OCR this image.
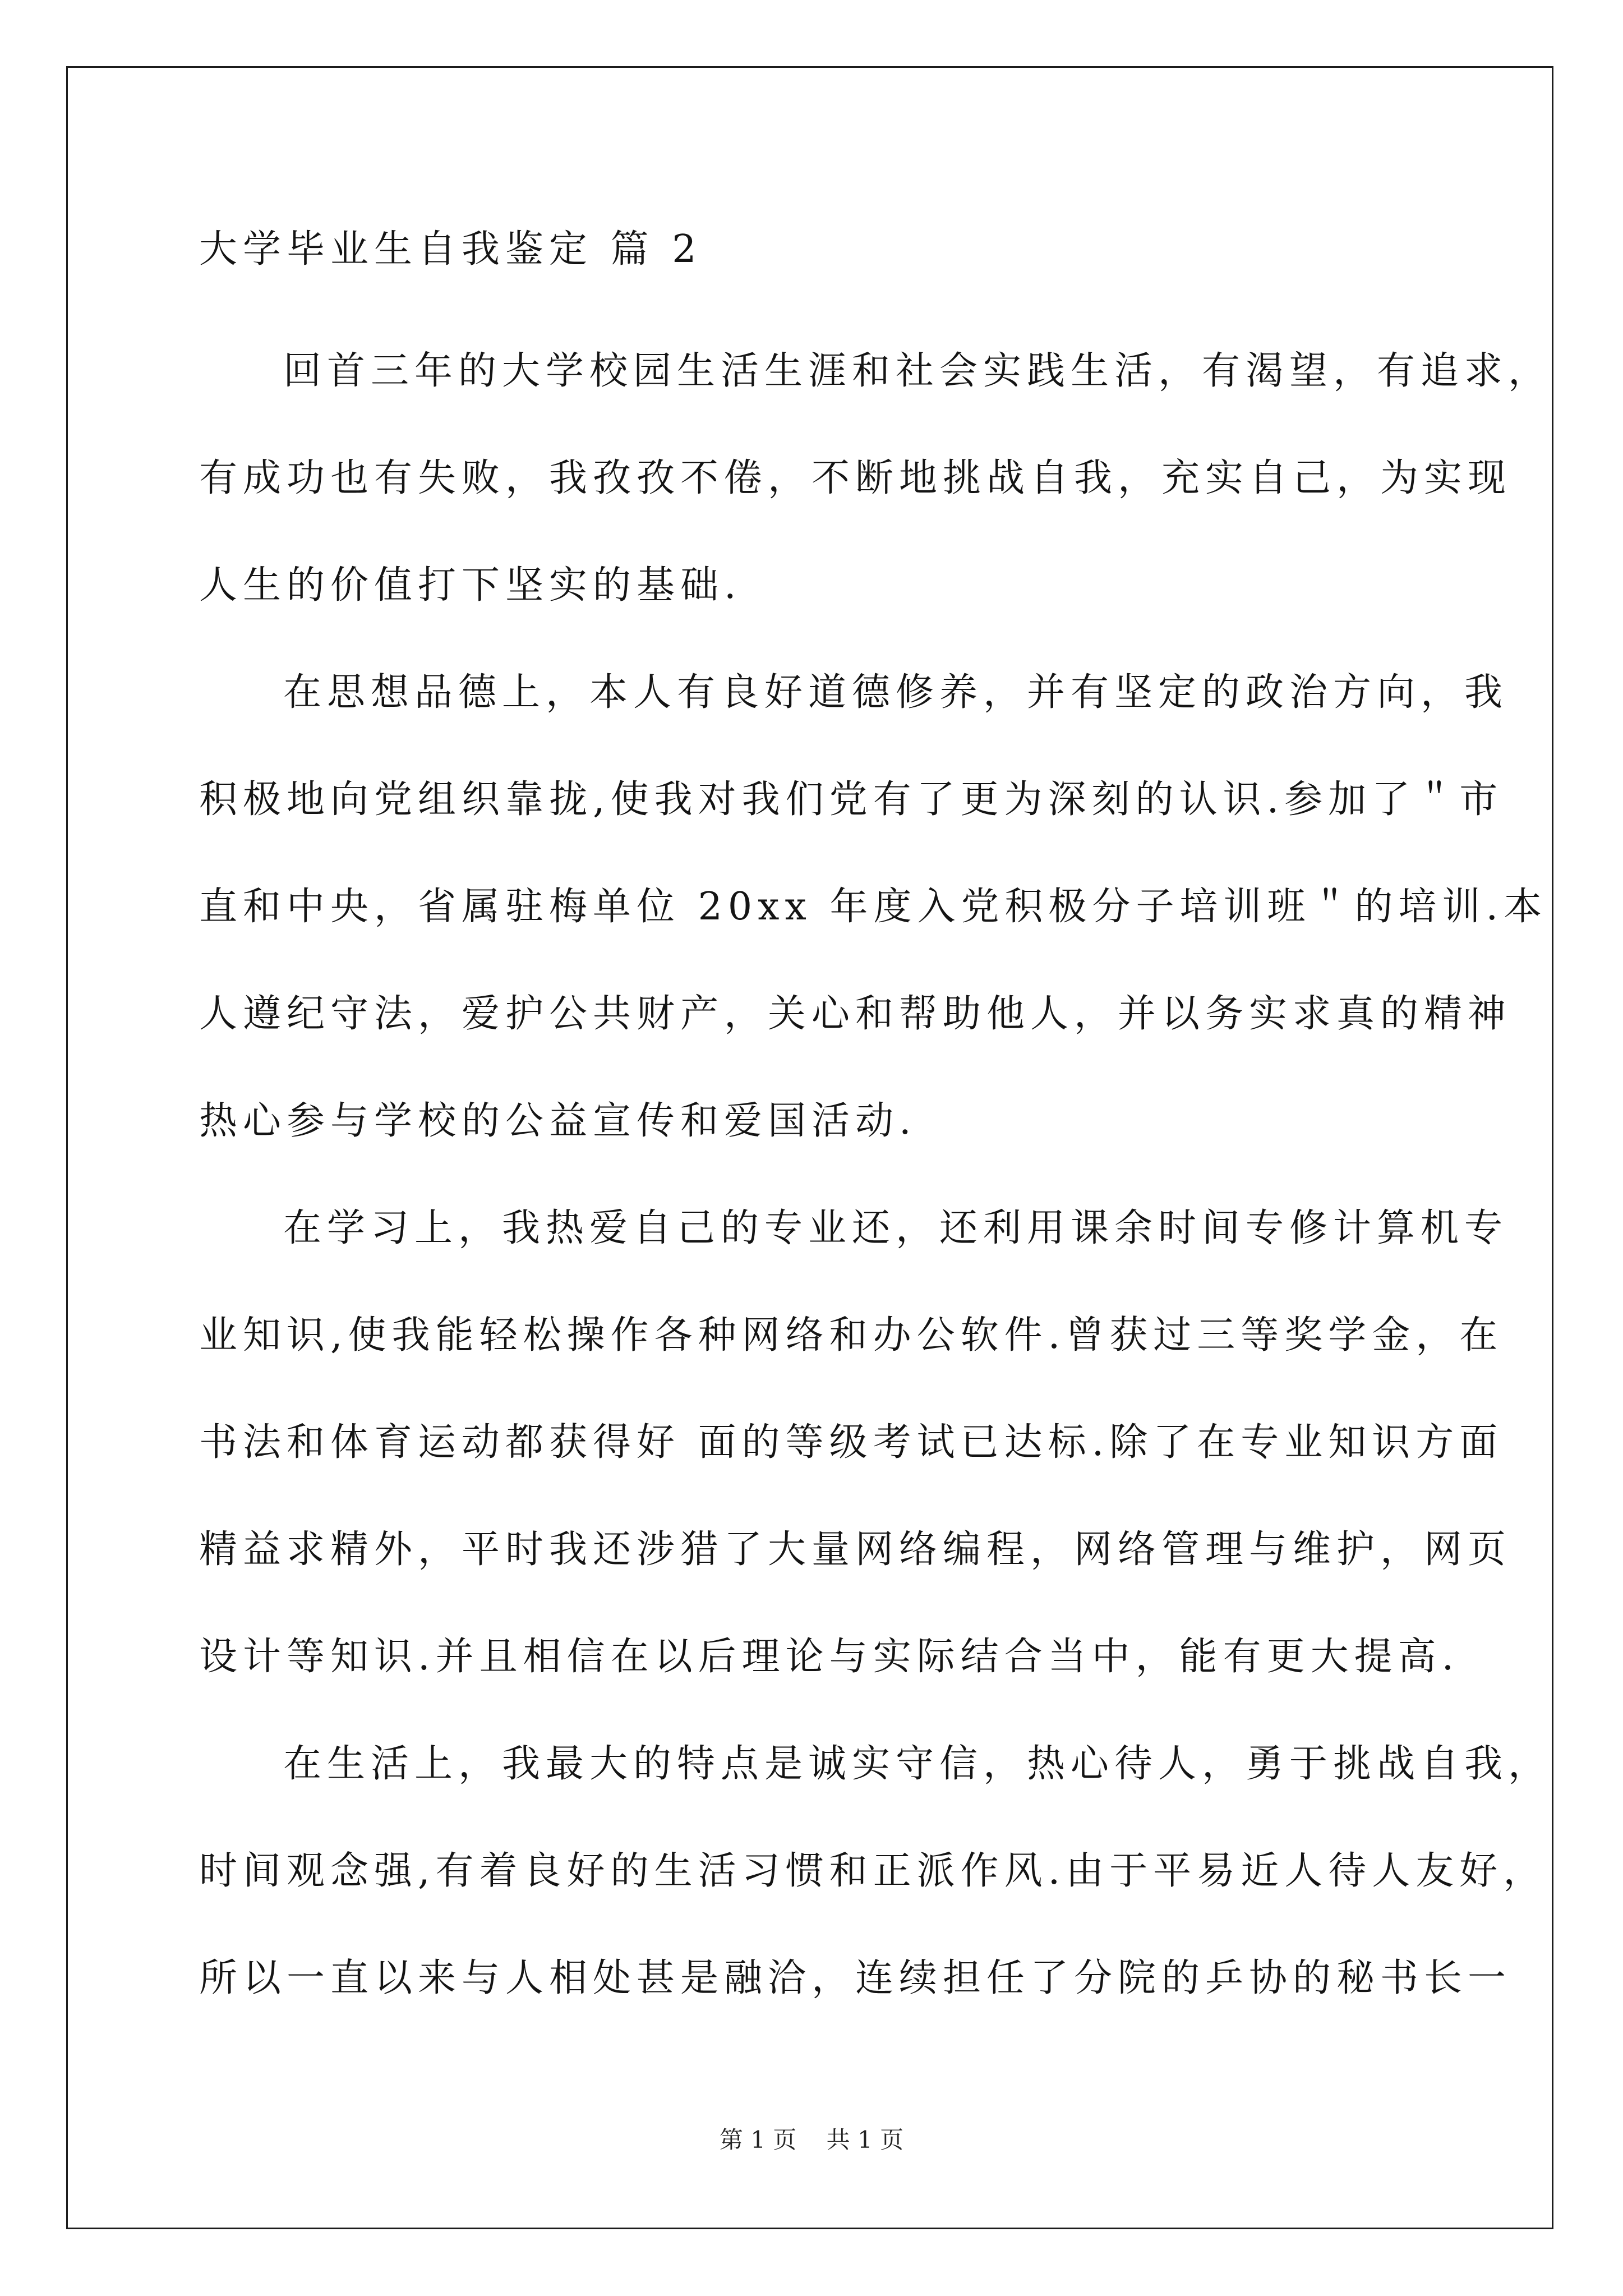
大学毕业生自我鉴定 篇 2

回首三年的大学校园生活生涯和社会实践生活，有渴望，有追求，
有成功也有失败，我孜孜不倦，不断地挑战自我，充实自己，为实现
人生的价值打下坚实的基础.

在思想品德上，本人有良好道德修养，并有坚定的政治方向，我
积极地向党组织靠拢,使我对我们党有了更为深刻的认识.参加了＂市
直和中央，省属驻梅单位 20xx 年度入党积极分子培训班＂的培训.本
人遵纪守法，爱护公共财产，关心和帮助他人，并以务实求真的精神
热心参与学校的公益宣传和爱国活动.

在学习上，我热爱自己的专业还，还利用课余时间专修计算机专
业知识,使我能轻松操作各种网络和办公软件.曾获过三等奖学金，在
书法和体育运动都获得好 面的等级考试已达标.除了在专业知识方面
精益求精外，平时我还涉猎了大量网络编程，网络管理与维护，网页
设计等知识.并且相信在以后理论与实际结合当中，能有更大提高.

在生活上，我最大的特点是诚实守信，热心待人，勇于挑战自我，
时间观念强,有着良好的生活习惯和正派作风.由于平易近人待人友好，
所以一直以来与人相处甚是融洽，连续担任了分院的乒协的秘书长一

第 1 页 共 1 页
